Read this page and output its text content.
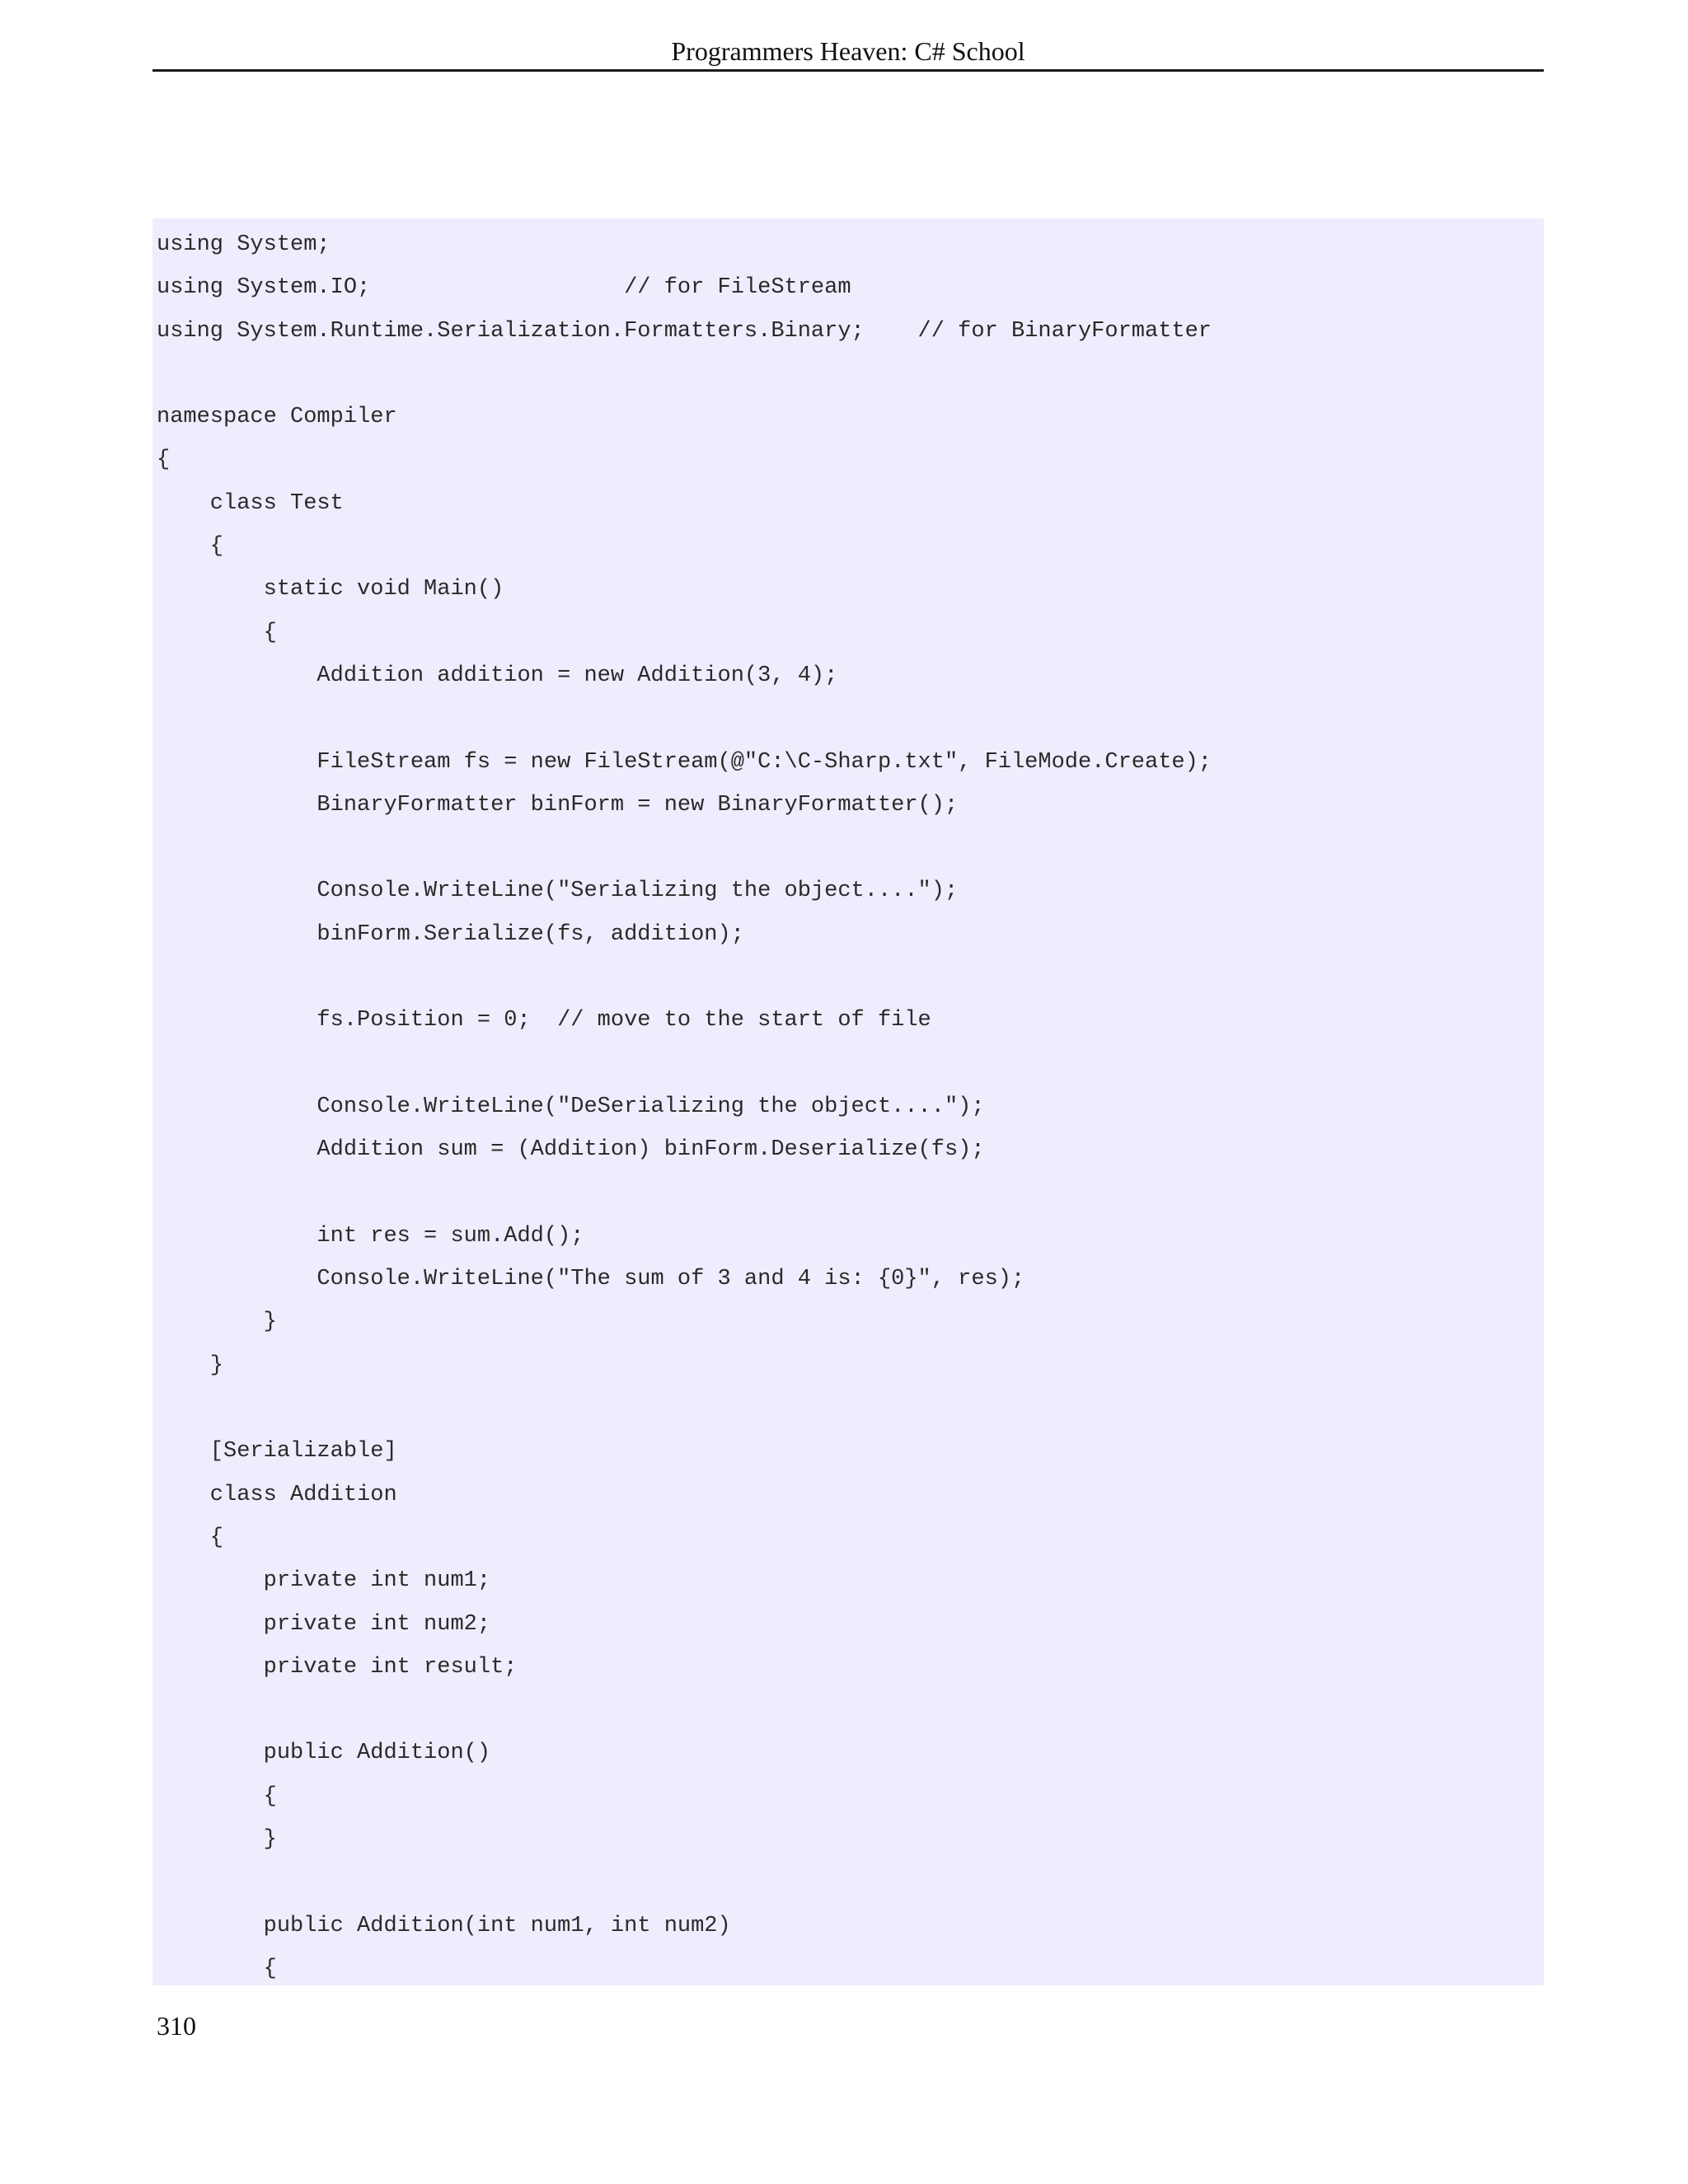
Programmers Heaven: C# School
using System;
using System.IO;                   // for FileStream
using System.Runtime.Serialization.Formatters.Binary;    // for BinaryFormatter
namespace Compiler
{
class Test
{
static void Main()
{
Addition addition = new Addition(3, 4);
FileStream fs = new FileStream(@"C:\C-Sharp.txt", FileMode.Create);
BinaryFormatter binForm = new BinaryFormatter();
Console.WriteLine("Serializing the object....");
binForm.Serialize(fs, addition);
fs.Position = 0;  // move to the start of file
Console.WriteLine("DeSerializing the object....");
Addition sum = (Addition) binForm.Deserialize(fs);
int res = sum.Add();
Console.WriteLine("The sum of 3 and 4 is: {0}", res);
}
}
[Serializable]
class Addition
{
private int num1;
private int num2;
private int result;
public Addition()
{
}
public Addition(int num1, int num2)
{
310
